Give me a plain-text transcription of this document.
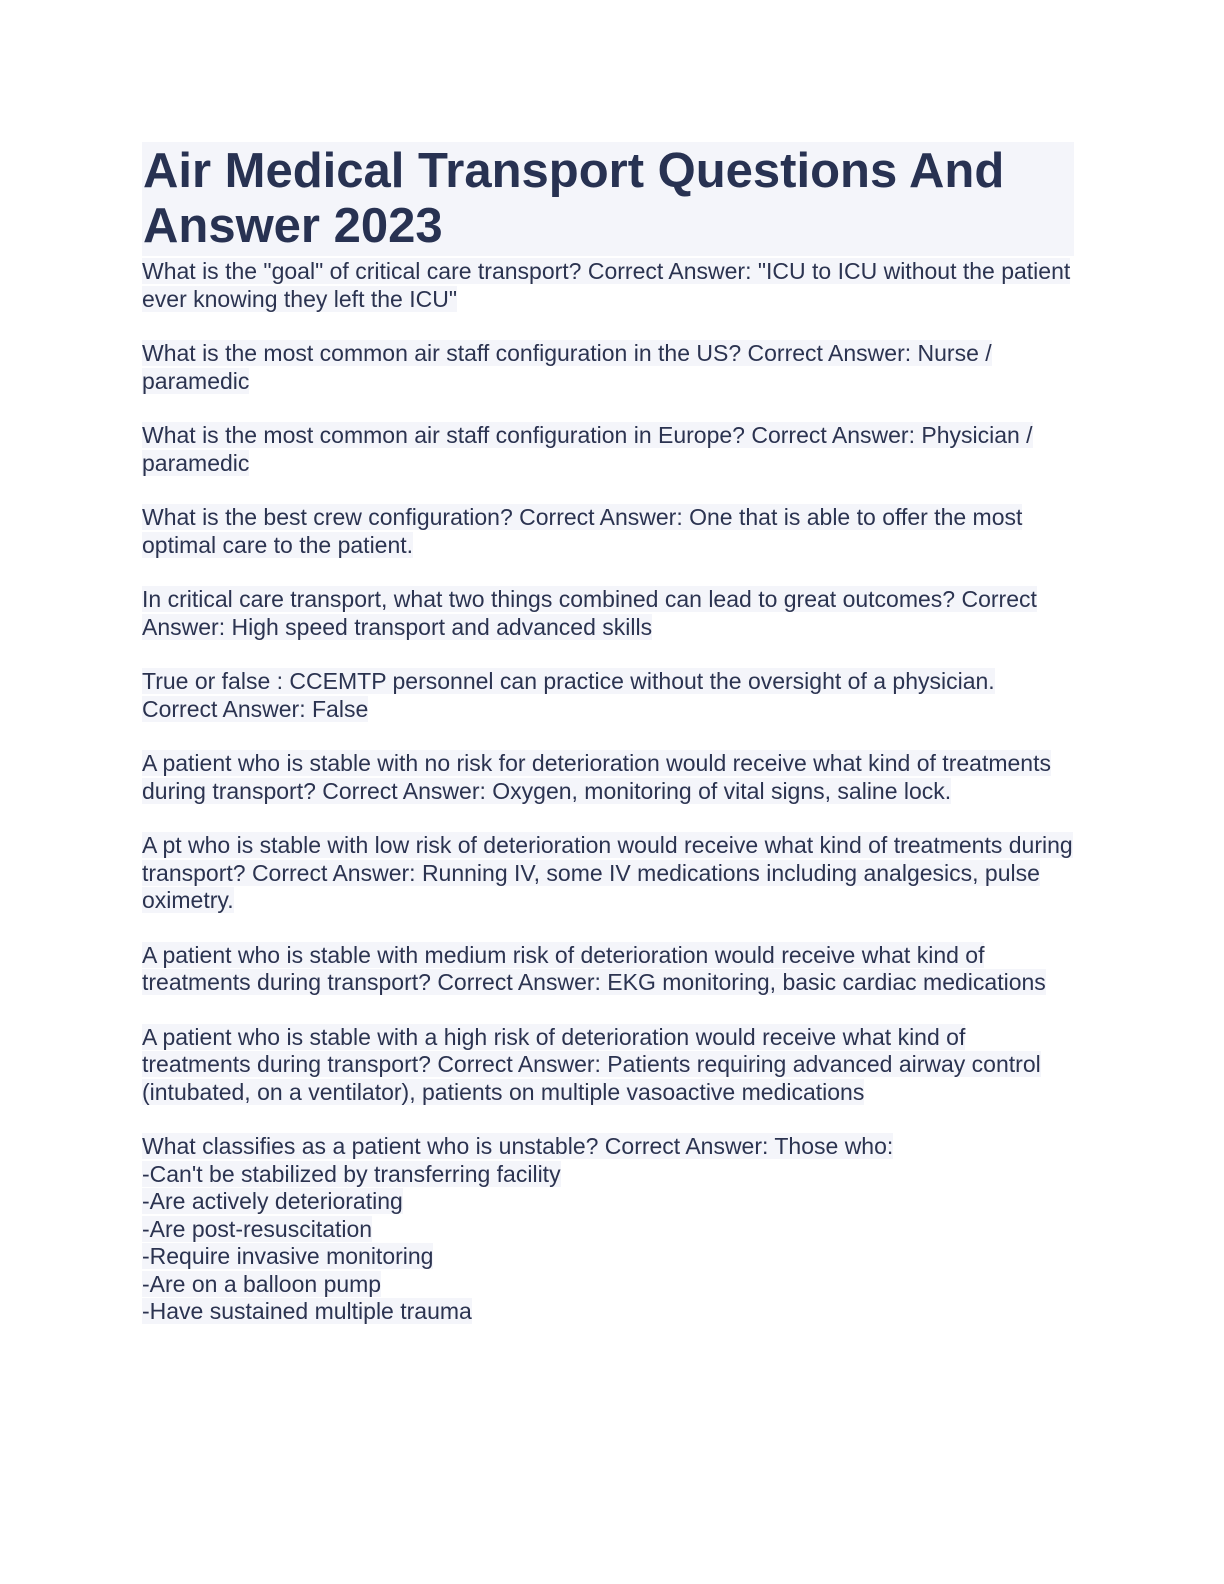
Air Medical Transport Questions And Answer 2023

What is the "goal" of critical care transport? Correct Answer: "ICU to ICU without the patient ever knowing they left the ICU"

What is the most common air staff configuration in the US? Correct Answer: Nurse / paramedic

What is the most common air staff configuration in Europe? Correct Answer: Physician / paramedic

What is the best crew configuration? Correct Answer: One that is able to offer the most optimal care to the patient.

In critical care transport, what two things combined can lead to great outcomes? Correct Answer: High speed transport and advanced skills

True or false : CCEMTP personnel can practice without the oversight of a physician. Correct Answer: False

A patient who is stable with no risk for deterioration would receive what kind of treatments during transport? Correct Answer: Oxygen, monitoring of vital signs, saline lock.

A pt who is stable with low risk of deterioration would receive what kind of treatments during transport? Correct Answer: Running IV, some IV medications including analgesics, pulse oximetry.

A patient who is stable with medium risk of deterioration would receive what kind of treatments during transport? Correct Answer: EKG monitoring, basic cardiac medications

A patient who is stable with a high risk of deterioration would receive what kind of treatments during transport? Correct Answer: Patients requiring advanced airway control (intubated, on a ventilator), patients on multiple vasoactive medications

What classifies as a patient who is unstable? Correct Answer: Those who:
-Can't be stabilized by transferring facility
-Are actively deteriorating
-Are post-resuscitation
-Require invasive monitoring
-Are on a balloon pump
-Have sustained multiple trauma
